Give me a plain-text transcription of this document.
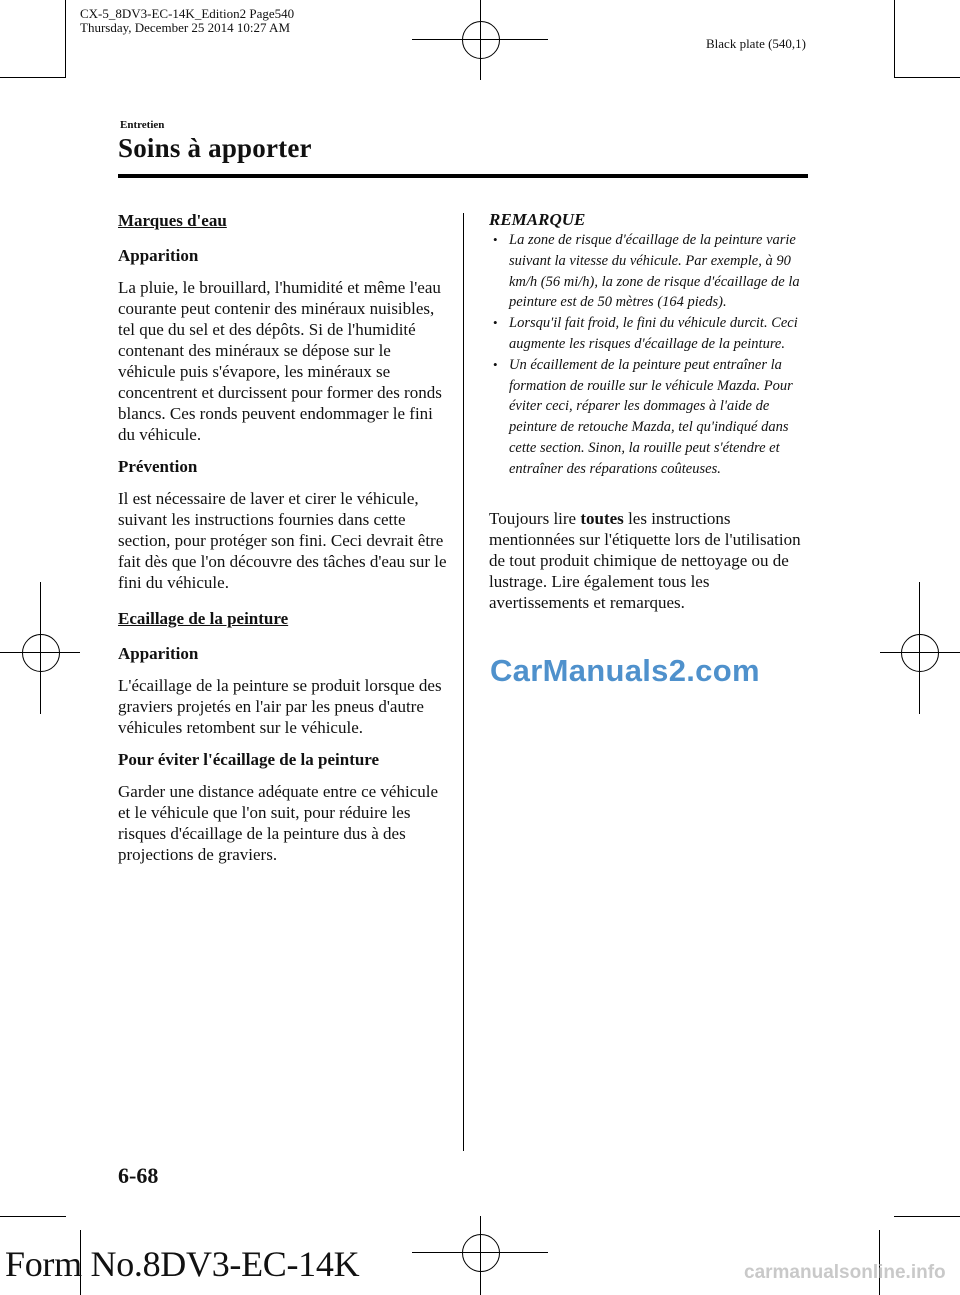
CX-5_8DV3-EC-14K_Edition2 Page540
Thursday, December 25 2014 10:27 AM
Black plate (540,1)
Entretien
Soins à apporter

Marques d'eau

Apparition

La pluie, le brouillard, l'humidité et même l'eau courante peut contenir des minéraux nuisibles, tel que du sel et des dépôts. Si de l'humidité contenant des minéraux se dépose sur le véhicule puis s'évapore, les minéraux se concentrent et durcissent pour former des ronds blancs. Ces ronds peuvent endommager le fini du véhicule.

Prévention

Il est nécessaire de laver et cirer le véhicule, suivant les instructions fournies dans cette section, pour protéger son fini. Ceci devrait être fait dès que l'on découvre des tâches d'eau sur le fini du véhicule.

Ecaillage de la peinture

Apparition

L'écaillage de la peinture se produit lorsque des graviers projetés en l'air par les pneus d'autre véhicules retombent sur le véhicule.

Pour éviter l'écaillage de la peinture

Garder une distance adéquate entre ce véhicule et le véhicule que l'on suit, pour réduire les risques d'écaillage de la peinture dus à des projections de graviers.

REMARQUE

• La zone de risque d'écaillage de la peinture varie suivant la vitesse du véhicule. Par exemple, à 90 km/h (56 mi/h), la zone de risque d'écaillage de la peinture est de 50 mètres (164 pieds).
• Lorsqu'il fait froid, le fini du véhicule durcit. Ceci augmente les risques d'écaillage de la peinture.
• Un écaillement de la peinture peut entraîner la formation de rouille sur le véhicule Mazda. Pour éviter ceci, réparer les dommages à l'aide de peinture de retouche Mazda, tel qu'indiqué dans cette section. Sinon, la rouille peut s'étendre et entraîner des réparations coûteuses.

Toujours lire toutes les instructions mentionnées sur l'étiquette lors de l'utilisation de tout produit chimique de nettoyage ou de lustrage. Lire également tous les avertissements et remarques.

CarManuals2.com
6-68
Form No.8DV3-EC-14K	carmanualsonline.info
